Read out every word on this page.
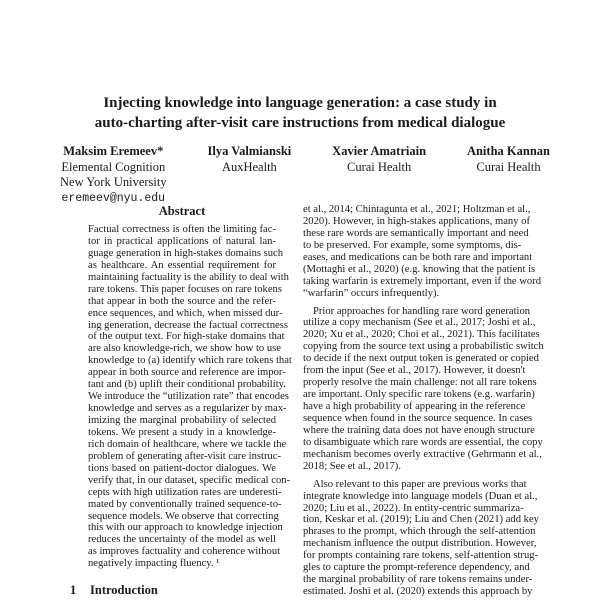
Injecting knowledge into language generation: a case study in
auto-charting after-visit care instructions from medical dialogue
Maksim Eremeev*
Elemental Cognition
New York University
eremeev@nyu.edu
Ilya Valmianski
AuxHealth
Xavier Amatriain
Curai Health
Anitha Kannan
Curai Health
Abstract
Factual correctness is often the limiting fac-
tor in practical applications of natural lan-
guage generation in high-stakes domains such
as healthcare. An essential requirement for
maintaining factuality is the ability to deal with
rare tokens. This paper focuses on rare tokens
that appear in both the source and the refer-
ence sequences, and which, when missed dur-
ing generation, decrease the factual correctness
of the output text. For high-stake domains that
are also knowledge-rich, we show how to use
knowledge to (a) identify which rare tokens that
appear in both source and reference are impor-
tant and (b) uplift their conditional probability.
We introduce the “utilization rate” that encodes
knowledge and serves as a regularizer by max-
imizing the marginal probability of selected
tokens. We present a study in a knowledge-
rich domain of healthcare, where we tackle the
problem of generating after-visit care instruc-
tions based on patient-doctor dialogues. We
verify that, in our dataset, specific medical con-
cepts with high utilization rates are underesti-
mated by conventionally trained sequence-to-
sequence models. We observe that correcting
this with our approach to knowledge injection
reduces the uncertainty of the model as well
as improves factuality and coherence without
negatively impacting fluency. ¹
1 Introduction
et al., 2014; Chintagunta et al., 2021; Holtzman et al.,
2020). However, in high-stakes applications, many of
these rare words are semantically important and need
to be preserved. For example, some symptoms, dis-
eases, and medications can be both rare and important
(Mottaghi et al., 2020) (e.g. knowing that the patient is
taking warfarin is extremely important, even if the word
“warfarin” occurs infrequently).
Prior approaches for handling rare word generation
utilize a copy mechanism (See et al., 2017; Joshi et al.,
2020; Xu et al., 2020; Choi et al., 2021). This facilitates
copying from the source text using a probabilistic switch
to decide if the next output token is generated or copied
from the input (See et al., 2017). However, it doesn't
properly resolve the main challenge: not all rare tokens
are important. Only specific rare tokens (e.g. warfarin)
have a high probability of appearing in the reference
sequence when found in the source sequence. In cases
where the training data does not have enough structure
to disambiguate which rare words are essential, the copy
mechanism becomes overly extractive (Gehrmann et al.,
2018; See et al., 2017).
Also relevant to this paper are previous works that
integrate knowledge into language models (Duan et al.,
2020; Liu et al., 2022). In entity-centric summariza-
tion, Keskar et al. (2019); Liu and Chen (2021) add key
phrases to the prompt, which through the self-attention
mechanism influence the output distribution. However,
for prompts containing rare tokens, self-attention strug-
gles to capture the prompt-reference dependency, and
the marginal probability of rare tokens remains under-
estimated. Joshi et al. (2020) extends this approach by
